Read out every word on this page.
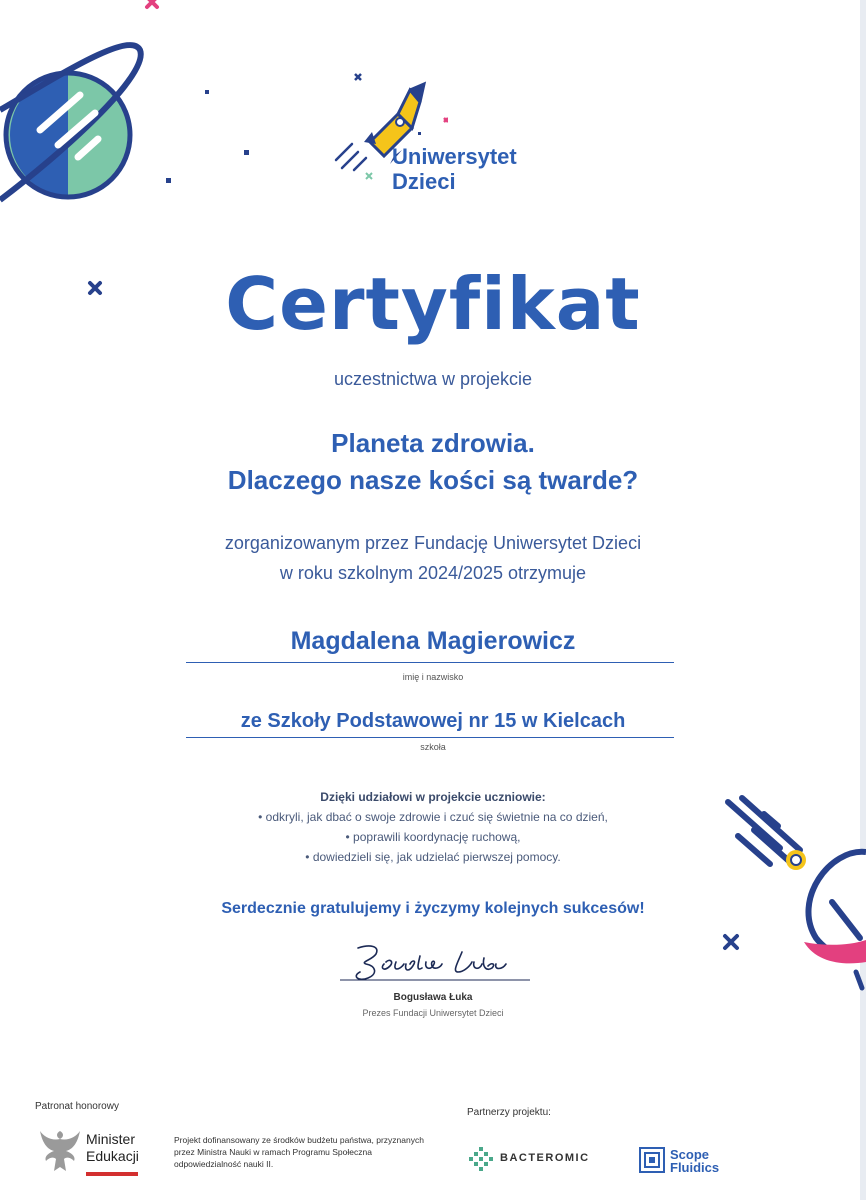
Uniwersytet
Dzieci
Certyfikat
uczestnictwa w projekcie
Planeta zdrowia.
Dlaczego nasze kości są twarde?
zorganizowanym przez Fundację Uniwersytet Dzieci
w roku szkolnym 2024/2025 otrzymuje
Magdalena Magierowicz
imię i nazwisko
ze Szkoły Podstawowej nr 15 w Kielcach
szkoła
Dzięki udziałowi w projekcie uczniowie:
• odkryli, jak dbać o swoje zdrowie i czuć się świetnie na co dzień,
• poprawili koordynację ruchową,
• dowiedzieli się, jak udzielać pierwszej pomocy.
Serdecznie gratulujemy i życzymy kolejnych sukcesów!
Bogusława Łuka
Prezes Fundacji Uniwersytet Dzieci
Patronat honorowy
Minister
Edukacji
Projekt dofinansowany ze środków budżetu państwa, przyznanych przez Ministra Nauki w ramach Programu Społeczna odpowiedzialność nauki II.
Partnerzy projektu:
BACTEROMIC	Scope
Fluidics
